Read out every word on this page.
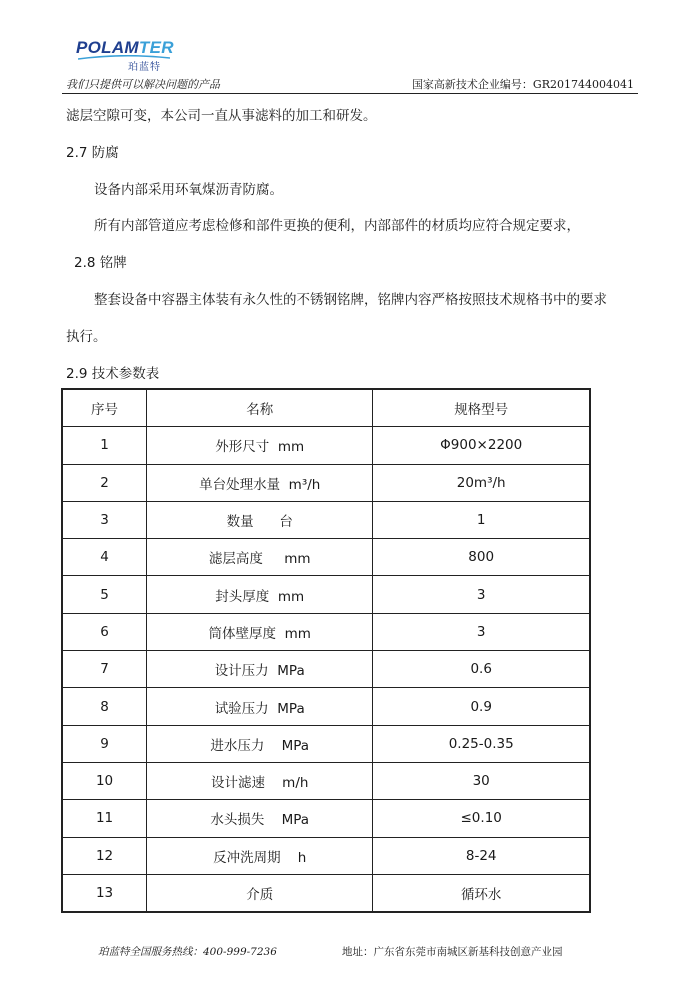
POLAMTER
珀蓝特
我们只提供可以解决问题的产品	国家高新技术企业编号：GR201744004041
滤层空隙可变，本公司一直从事滤料的加工和研发。
2.7 防腐
设备内部采用环氧煤沥青防腐。
所有内部管道应考虑检修和部件更换的便利，内部部件的材质均应符合规定要求，
2.8 铭牌
整套设备中容器主体装有永久性的不锈钢铭牌，铭牌内容严格按照技术规格书中的要求
执行。
2.9 技术参数表
序号	名称	规格型号
1	外形尺寸  mm	Φ900×2200
2	单台处理水量  m³/h	20m³/h
3	数量      台	1
4	滤层高度     mm	800
5	封头厚度  mm	3
6	筒体壁厚度  mm	3
7	设计压力  MPa	0.6
8	试验压力  MPa	0.9
9	进水压力    MPa	0.25-0.35
10	设计滤速    m/h	30
11	水头损失    MPa	≤0.10
12	反冲洗周期    h	8-24
13	介质	循环水
珀蓝特全国服务热线：400-999-7236	地址：广东省东莞市南城区新基科技创意产业园
